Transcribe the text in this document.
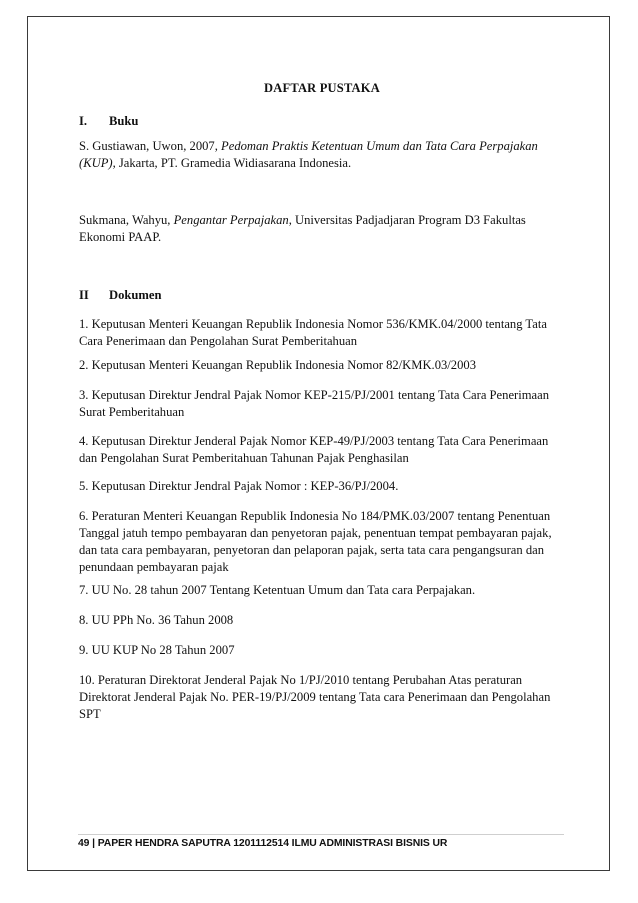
DAFTAR PUSTAKA
I. Buku

S. Gustiawan, Uwon, 2007, Pedoman Praktis Ketentuan Umum dan Tata Cara Perpajakan (KUP), Jakarta, PT. Gramedia Widiasarana Indonesia.

Sukmana, Wahyu, Pengantar Perpajakan, Universitas Padjadjaran Program D3 Fakultas Ekonomi PAAP.

II Dokumen

1. Keputusan Menteri Keuangan Republik Indonesia Nomor 536/KMK.04/2000 tentang Tata Cara Penerimaan dan Pengolahan Surat Pemberitahuan

2. Keputusan Menteri Keuangan Republik Indonesia Nomor 82/KMK.03/2003

3. Keputusan Direktur Jendral Pajak Nomor KEP-215/PJ/2001 tentang Tata Cara Penerimaan Surat Pemberitahuan

4. Keputusan Direktur Jenderal Pajak Nomor KEP-49/PJ/2003 tentang Tata Cara Penerimaan dan Pengolahan Surat Pemberitahuan Tahunan Pajak Penghasilan

5. Keputusan Direktur Jendral Pajak Nomor : KEP-36/PJ/2004.

6. Peraturan Menteri Keuangan Republik Indonesia No 184/PMK.03/2007 tentang Penentuan Tanggal jatuh tempo pembayaran dan penyetoran pajak, penentuan tempat pembayaran pajak, dan tata cara pembayaran, penyetoran dan pelaporan pajak, serta tata cara pengangsuran dan penundaan pembayaran pajak

7. UU No. 28 tahun 2007 Tentang Ketentuan Umum dan Tata cara Perpajakan.

8. UU PPh No. 36 Tahun 2008

9. UU KUP No 28 Tahun 2007

10. Peraturan Direktorat Jenderal Pajak No 1/PJ/2010 tentang Perubahan Atas peraturan Direktorat Jenderal Pajak No. PER-19/PJ/2009 tentang Tata cara Penerimaan dan Pengolahan SPT

49 | PAPER HENDRA SAPUTRA 1201112514 ILMU ADMINISTRASI BISNIS UR
